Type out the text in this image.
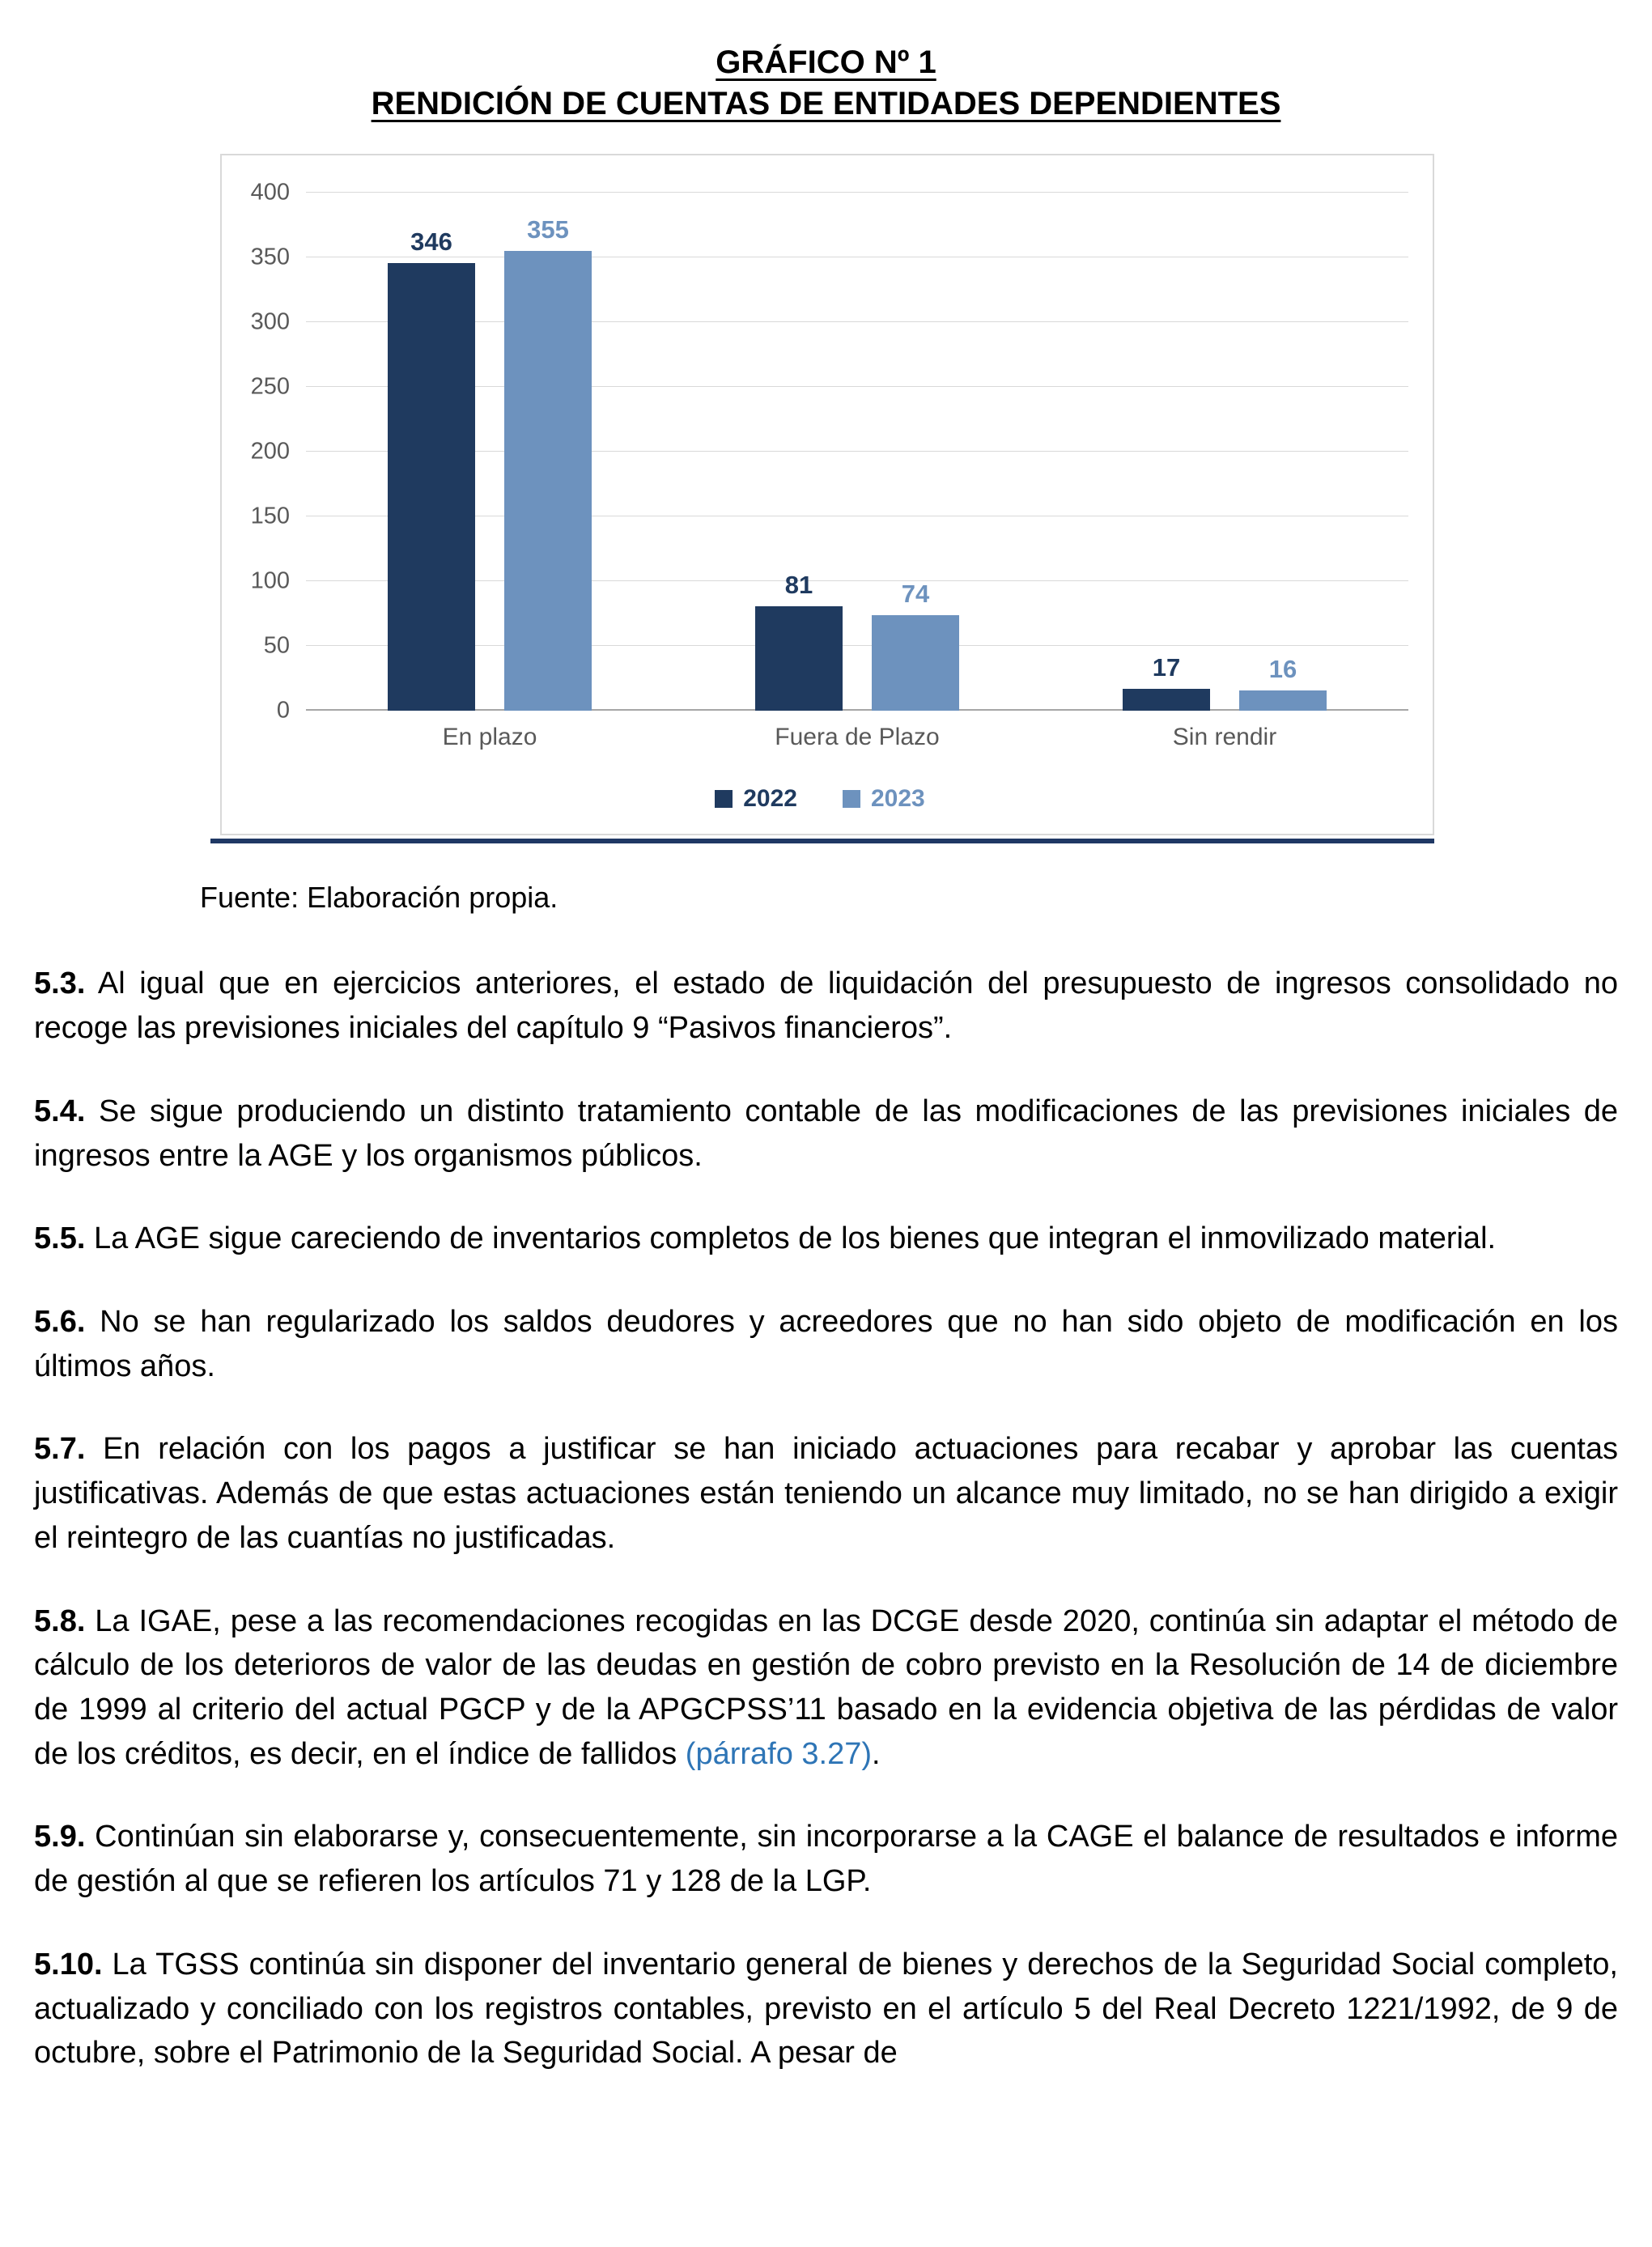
GRÁFICO Nº 1
RENDICIÓN DE CUENTAS DE ENTIDADES DEPENDIENTES
0
50
100
150
200
250
300
350
400
346	355
81	74
17	16
En plazo	Fuera de Plazo	Sin rendir
2022	2023
Fuente: Elaboración propia.

5.3. Al igual que en ejercicios anteriores, el estado de liquidación del presupuesto de ingresos consolidado no recoge las previsiones iniciales del capítulo 9 “Pasivos financieros”.

5.4. Se sigue produciendo un distinto tratamiento contable de las modificaciones de las previsiones iniciales de ingresos entre la AGE y los organismos públicos.

5.5. La AGE sigue careciendo de inventarios completos de los bienes que integran el inmovilizado material.

5.6. No se han regularizado los saldos deudores y acreedores que no han sido objeto de modificación en los últimos años.

5.7. En relación con los pagos a justificar se han iniciado actuaciones para recabar y aprobar las cuentas justificativas. Además de que estas actuaciones están teniendo un alcance muy limitado, no se han dirigido a exigir el reintegro de las cuantías no justificadas.

5.8. La IGAE, pese a las recomendaciones recogidas en las DCGE desde 2020, continúa sin adaptar el método de cálculo de los deterioros de valor de las deudas en gestión de cobro previsto en la Resolución de 14 de diciembre de 1999 al criterio del actual PGCP y de la APGCPSS’11 basado en la evidencia objetiva de las pérdidas de valor de los créditos, es decir, en el índice de fallidos (párrafo 3.27).

5.9. Continúan sin elaborarse y, consecuentemente, sin incorporarse a la CAGE el balance de resultados e informe de gestión al que se refieren los artículos 71 y 128 de la LGP.

5.10. La TGSS continúa sin disponer del inventario general de bienes y derechos de la Seguridad Social completo, actualizado y conciliado con los registros contables, previsto en el artículo 5 del Real Decreto 1221/1992, de 9 de octubre, sobre el Patrimonio de la Seguridad Social. A pesar de
